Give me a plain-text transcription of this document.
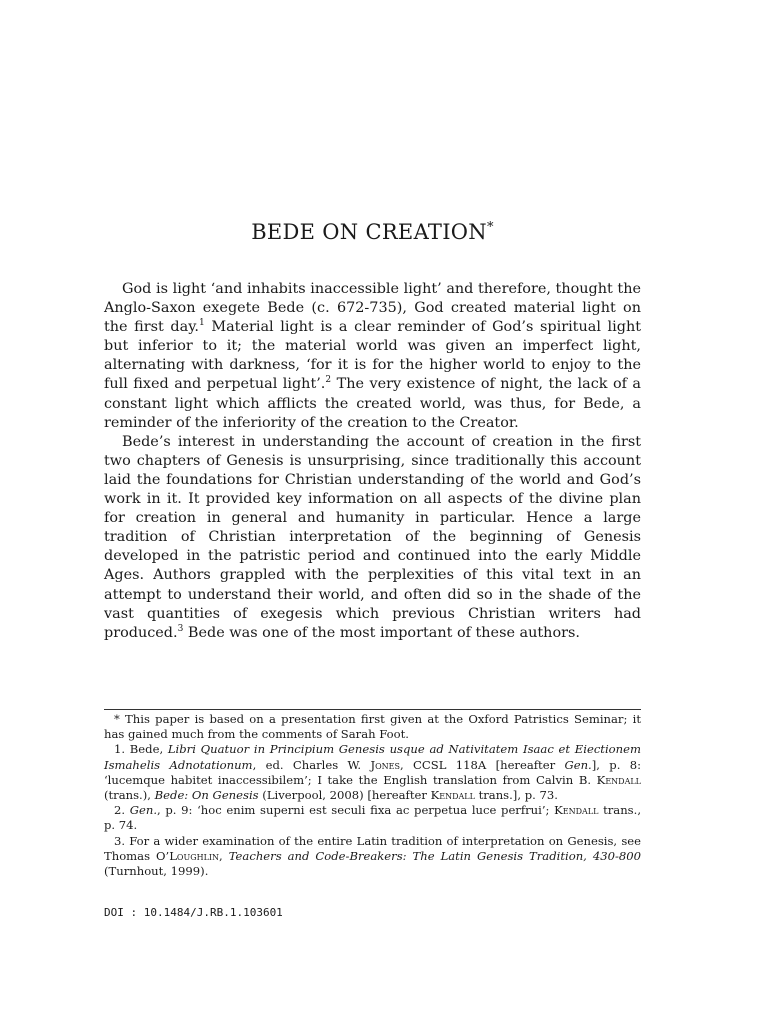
BEDE ON CREATION*

God is light ‘and inhabits inaccessible light’ and therefore, thought the Anglo-Saxon exegete Bede (c. 672-735), God created material light on the first day.$^1$ Material light is a clear reminder of God’s spiritual light but inferior to it; the material world was given an imperfect light, alternating with darkness, ‘for it is for the higher world to enjoy to the full fixed and perpetual light’.$^2$ The very existence of night, the lack of a constant light which afflicts the created world, was thus, for Bede, a reminder of the inferiority of the creation to the Creator.

Bede’s interest in understanding the account of creation in the first two chapters of Genesis is unsurprising, since traditionally this account laid the foundations for Christian understanding of the world and God’s work in it. It provided key information on all aspects of the divine plan for creation in general and humanity in particular. Hence a large tradition of Christian interpretation of the beginning of Genesis developed in the patristic period and continued into the early Middle Ages. Authors grappled with the perplexities of this vital text in an attempt to understand their world, and often did so in the shade of the vast quantities of exegesis which previous Christian writers had produced.$^3$ Bede was one of the most important of these authors.

* This paper is based on a presentation first given at the Oxford Patristics Seminar; it has gained much from the comments of Sarah Foot.

1. Bede, Libri Quatuor in Principium Genesis usque ad Nativitatem Isaac et Eiectionem Ismahelis Adnotationum, ed. Charles W. Jones, CCSL 118A [hereafter Gen.], p. 8: ‘lucemque habitet inaccessibilem’; I take the English translation from Calvin B. Kendall (trans.), Bede: On Genesis (Liverpool, 2008) [hereafter Kendall trans.], p. 73.

2. Gen., p. 9: ‘hoc enim superni est seculi fixa ac perpetua luce perfrui’; Kendall trans., p. 74.

3. For a wider examination of the entire Latin tradition of interpretation on Genesis, see Thomas O’Loughlin, Teachers and Code-Breakers: The Latin Genesis Tradition, 430-800 (Turnhout, 1999).

DOI : 10.1484/J.RB.1.103601
